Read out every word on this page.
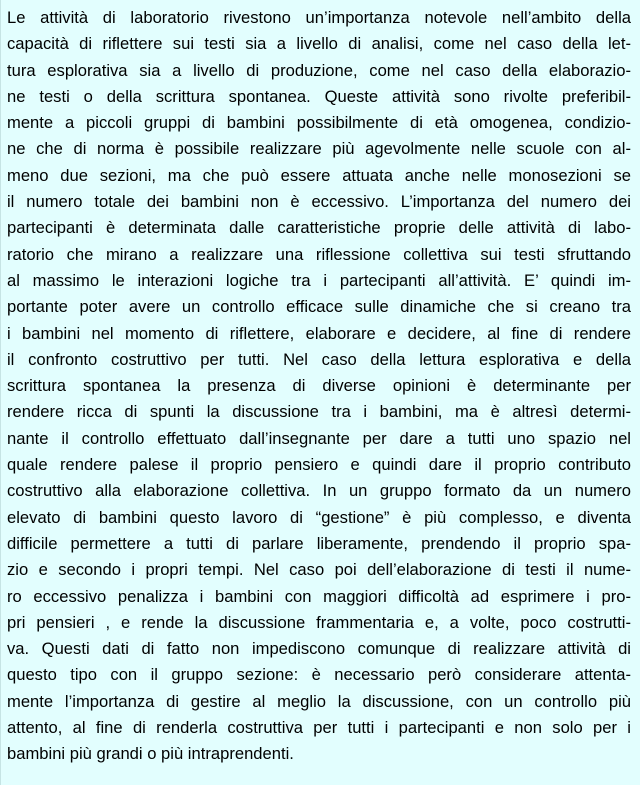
Le attività di laboratorio rivestono un’importanza notevole nell’ambito della
capacità di riflettere sui testi sia a livello di analisi, come nel caso della let-
tura esplorativa sia a livello di produzione, come nel caso della elaborazio-
ne testi o della scrittura spontanea. Queste attività sono rivolte preferibil-
mente a piccoli gruppi di bambini possibilmente di età omogenea, condizio-
ne che di norma è possibile realizzare più agevolmente nelle scuole con al-
meno due sezioni, ma che può essere attuata anche nelle monosezioni se
il numero totale dei bambini non è eccessivo. L’importanza del numero dei
partecipanti è determinata dalle caratteristiche proprie delle attività di labo-
ratorio che mirano a realizzare una riflessione collettiva sui testi sfruttando
al massimo le interazioni logiche tra i partecipanti all’attività. E’ quindi im-
portante poter avere un controllo efficace sulle dinamiche che si creano tra
i bambini nel momento di riflettere, elaborare e decidere, al fine di rendere
il confronto costruttivo per tutti. Nel caso della lettura esplorativa e della
scrittura spontanea la presenza di diverse opinioni è determinante per
rendere ricca di spunti la discussione tra i bambini, ma è altresì determi-
nante il controllo effettuato dall’insegnante per dare a tutti uno spazio nel
quale rendere palese il proprio pensiero e quindi dare il proprio contributo
costruttivo alla elaborazione collettiva. In un gruppo formato da un numero
elevato di bambini questo lavoro di “gestione” è più complesso, e diventa
difficile permettere a tutti di parlare liberamente, prendendo il proprio spa-
zio e secondo i propri tempi. Nel caso poi dell’elaborazione di testi il nume-
ro eccessivo penalizza i bambini con maggiori difficoltà ad esprimere i pro-
pri pensieri , e rende la discussione frammentaria e, a volte, poco costrutti-
va. Questi dati di fatto non impediscono comunque di realizzare attività di
questo tipo con il gruppo sezione: è necessario però considerare attenta-
mente l’importanza di gestire al meglio la discussione, con un controllo più
attento, al fine di renderla costruttiva per tutti i partecipanti e non solo per i
bambini più grandi o più intraprendenti.
